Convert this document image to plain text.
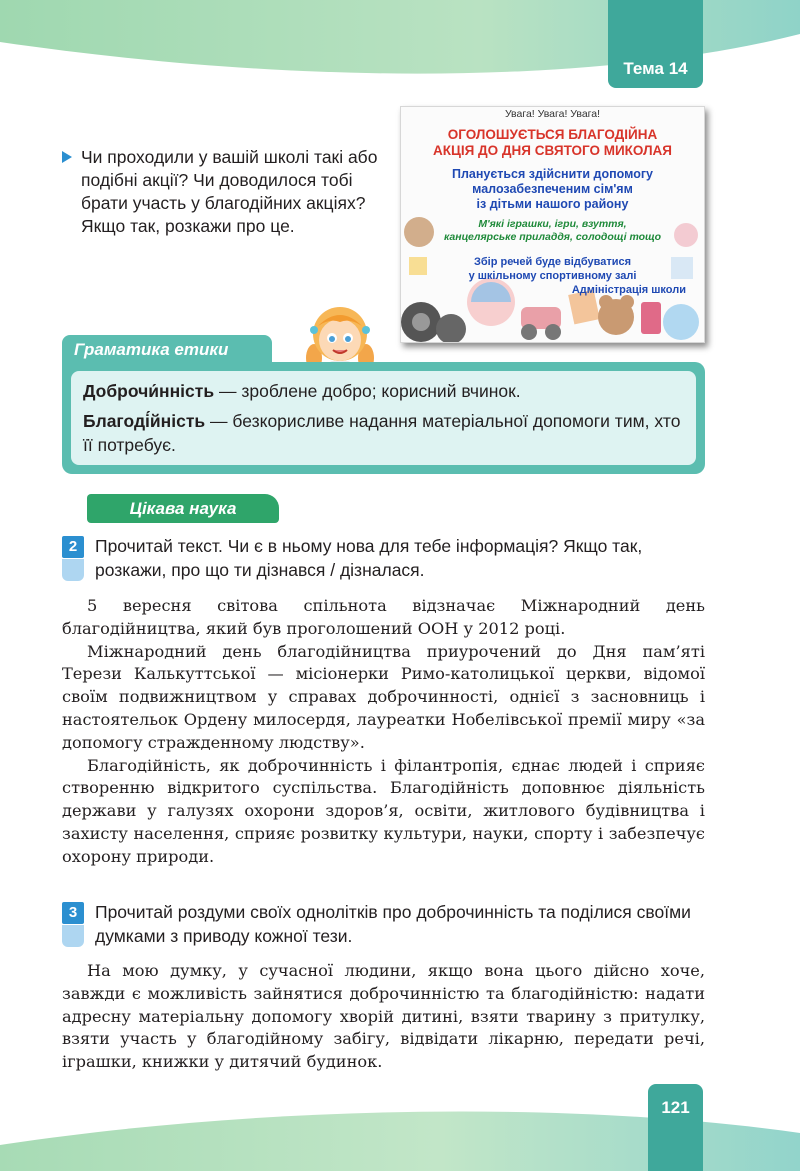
Тема 14
Чи проходили у вашій школі такі або подібні акції? Чи доводилося тобі брати участь у благодійних акціях? Якщо так, розкажи про це.
Увага! Увага! Увага!
ОГОЛОШУЄТЬСЯ БЛАГОДІЙНА
АКЦІЯ ДО ДНЯ СВЯТОГО МИКОЛАЯ
Планується здійснити допомогу
малозабезпеченим сім'ям
із дітьми нашого району
М'які іграшки, ігри, взуття,
канцелярське приладдя, солодощі тощо
Збір речей буде відбуватися
у шкільному спортивному залі
Адміністрація школи
Граматика етики

Доброчи́нність — зроблене добро; корисний вчинок.

Благоді́йність — безкорисливе надання матеріальної допомоги тим, хто її потребує.

Цікава наука
2	Прочитай текст. Чи є в ньому нова для тебе інформація? Якщо так, розкажи, про що ти дізнався / дізналася.

5 вересня світова спільнота відзначає Міжнародний день благодійництва, який був проголошений ООН у 2012 році.

Міжнародний день благодійництва приурочений до Дня пам’яті Терези Калькуттської — місіонерки Римо-католицької церкви, відомої своїм подвижництвом у справах доброчинності, однієї з засновниць і настоятельок Ордену милосердя, лауреатки Нобелівської премії миру «за допомогу стражденному людству».

Благодійність, як доброчинність і філантропія, єднає людей і сприяє створенню відкритого суспільства. Благодійність доповнює діяльність держави у галузях охорони здоров’я, освіти, житлового будівництва і захисту населення, сприяє розвитку культури, науки, спорту і забезпечує охорону природи.

3	Прочитай роздуми своїх однолітків про доброчинність та поділися своїми думками з приводу кожної тези.

На мою думку, у сучасної людини, якщо вона цього дійсно хоче, завжди є можливість зайнятися доброчинністю та благодійністю: надати адресну матеріальну допомогу хворій дитині, взяти тварину з притулку, взяти участь у благодійному забігу, відвідати лікарню, передати речі, іграшки, книжки у дитячий будинок.

121
